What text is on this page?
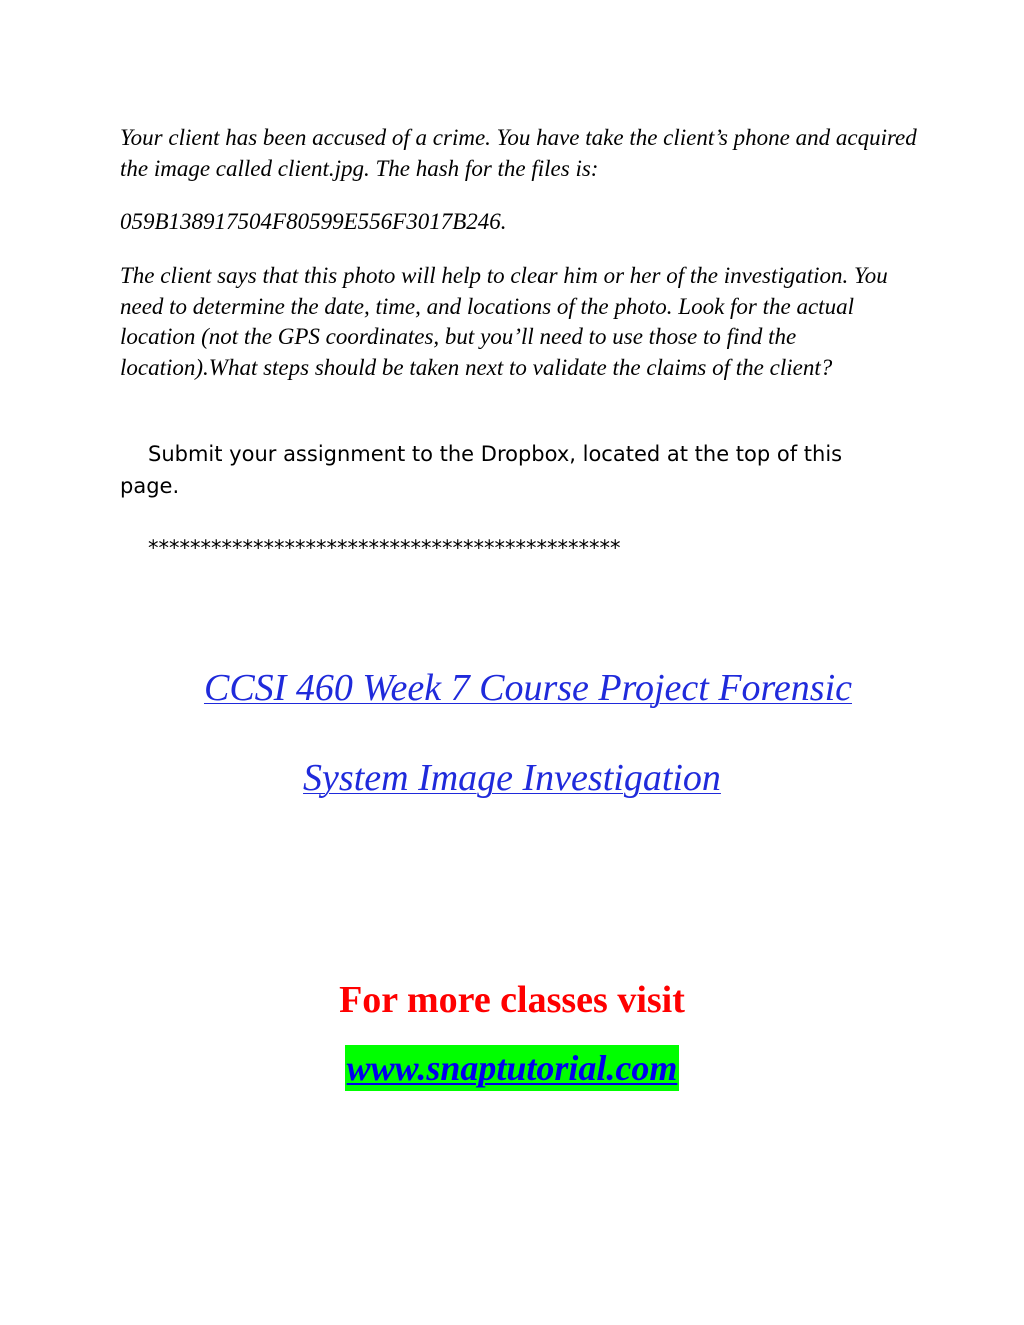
Your client has been accused of a crime. You have take the client’s phone and acquired the image called client.jpg. The hash for the files is:

059B138917504F80599E556F3017B246.

The client says that this photo will help to clear him or her of the investigation. You need to determine the date, time, and locations of the photo. Look for the actual location (not the GPS coordinates, but you’ll need to use those to find the location).What steps should be taken next to validate the claims of the client?

Submit your assignment to the Dropbox, located at the top of this page.

*********************************************

CCSI 460 Week 7 Course Project Forensic
System Image Investigation

For more classes visit

www.snaptutorial.com
